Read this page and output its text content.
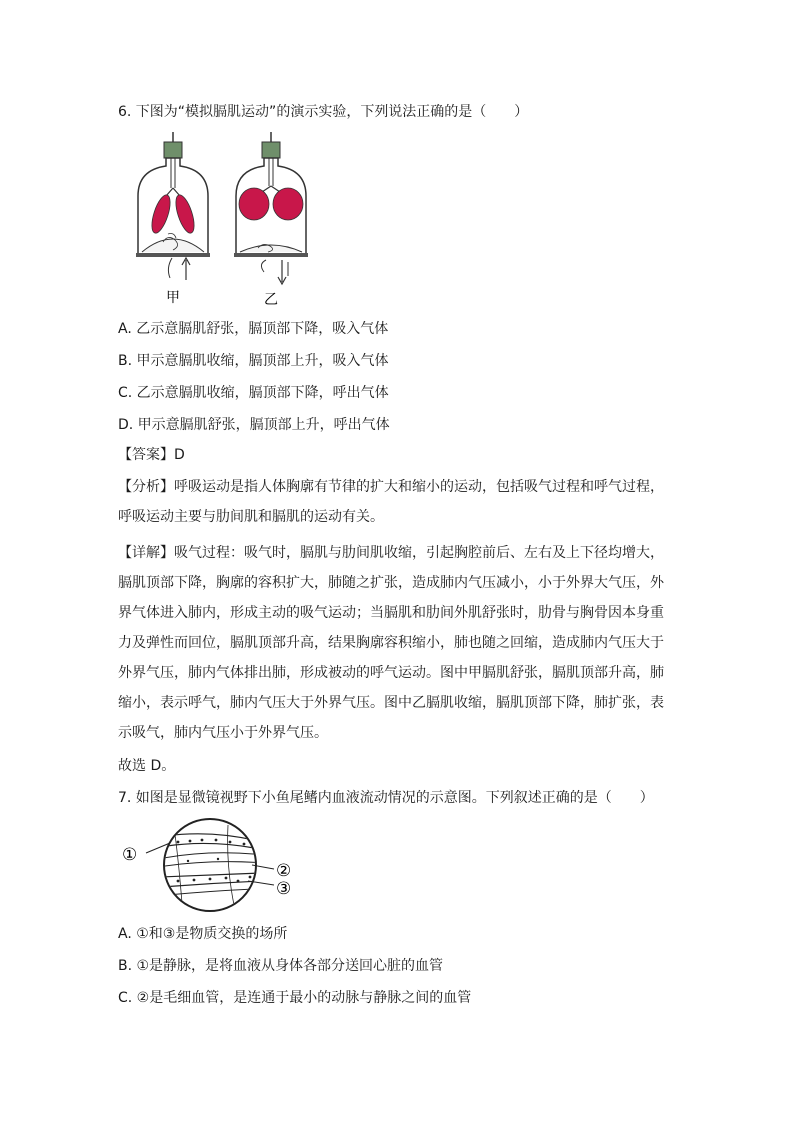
6. 下图为“模拟膈肌运动”的演示实验，下列说法正确的是（　　）
甲	乙
A. 乙示意膈肌舒张，膈顶部下降，吸入气体
B. 甲示意膈肌收缩，膈顶部上升，吸入气体
C. 乙示意膈肌收缩，膈顶部下降，呼出气体
D. 甲示意膈肌舒张，膈顶部上升，呼出气体
【答案】D
【分析】呼吸运动是指人体胸廓有节律的扩大和缩小的运动，包括吸气过程和呼气过程，
呼吸运动主要与肋间肌和膈肌的运动有关。
【详解】吸气过程：吸气时，膈肌与肋间肌收缩，引起胸腔前后、左右及上下径均增大，
膈肌顶部下降，胸廓的容积扩大，肺随之扩张，造成肺内气压减小，小于外界大气压，外
界气体进入肺内，形成主动的吸气运动；当膈肌和肋间外肌舒张时，肋骨与胸骨因本身重
力及弹性而回位，膈肌顶部升高，结果胸廓容积缩小，肺也随之回缩，造成肺内气压大于
外界气压，肺内气体排出肺，形成被动的呼气运动。图中甲膈肌舒张，膈肌顶部升高，肺
缩小，表示呼气，肺内气压大于外界气压。图中乙膈肌收缩，膈肌顶部下降，肺扩张，表
示吸气，肺内气压小于外界气压。
故选 D。
7. 如图是显微镜视野下小鱼尾鳍内血液流动情况的示意图。下列叙述正确的是（　　）
①
②
③
A. ①和③是物质交换的场所
B. ①是静脉，是将血液从身体各部分送回心脏的血管
C. ②是毛细血管，是连通于最小的动脉与静脉之间的血管
